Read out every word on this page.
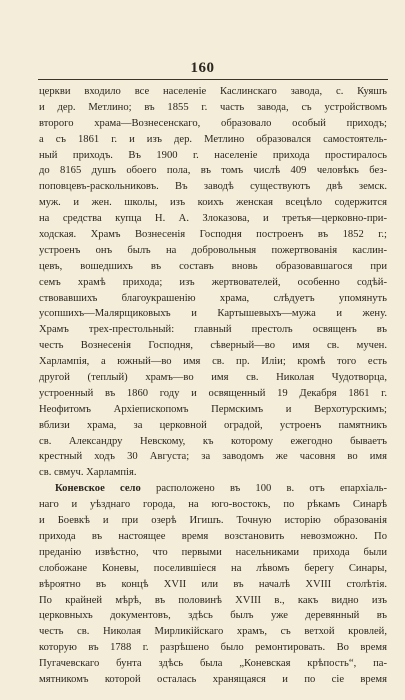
160
церкви входило все населеніе Каслинскаго завода, с. Куяшъ
и дер. Метлино; въ 1855 г. часть завода, съ устройствомъ
второго храма—Вознесенскаго, образовало особый приходъ;
а съ 1861 г. и изъ дер. Метлино образовался самостоятель-
ный приходъ. Въ 1900 г. населеніе прихода простиралось
до 8165 душъ обоего пола, въ томъ числѣ 409 человѣкъ без-
поповцевъ-раскольниковъ. Въ заводѣ существуютъ двѣ земск.
муж. и жен. школы, изъ коихъ женская всецѣло содержится
на средства купца Н. А. Злоказова, и третья—церковно-при-
ходская. Храмъ Вознесенія Господня построенъ въ 1852 г.;
устроенъ онъ былъ на добровольныя пожертвованія каслин-
цевъ, вошедшихъ въ составъ вновь образовавшагося при
семъ храмѣ прихода; изъ жертвователей, особенно содѣй-
ствовавшихъ благоукрашенію храма, слѣдуетъ упомянуть
усопшихъ—Малярщиковыхъ и Картышевыхъ—мужа и жену.
Храмъ трех-престольный: главный престолъ освященъ въ
честь Вознесенія Господня, сѣверный—во имя св. мучен.
Харлампія, а южный—во имя св. пр. Иліи; кромѣ того есть
другой (теплый) храмъ—во имя св. Николая Чудотворца,
устроенный въ 1860 году и освященный 19 Декабря 1861 г.
Неофитомъ Архіепископомъ Пермскимъ и Верхотурскимъ;
вблизи храма, за церковной оградой, устроенъ памятникъ
св. Александру Невскому, къ которому ежегодно бываетъ
крестный ходъ 30 Августа; за заводомъ же часовня во имя
св. свмуч. Харлампія.
Коневское село расположено въ 100 в. отъ епархіаль-
наго и уѣзднаго города, на юго-востокъ, по рѣкамъ Синарѣ
и Боевкѣ и при озерѣ Игишъ. Точную исторію образованія
прихода въ настоящее время возстановить невозможно. По
преданію извѣстно, что первыми насельниками прихода были
слобожане Коневы, поселившіеся на лѣвомъ берегу Синары,
вѣроятно въ концѣ XVII или въ началѣ XVIII столѣтія.
По крайней мѣрѣ, въ половинѣ XVIII в., какъ видно изъ
церковныхъ документовъ, здѣсь былъ уже деревянный въ
честь св. Николая Мирликійскаго храмъ, съ ветхой кровлей,
которую въ 1788 г. разрѣшено было ремонтировать. Во время
Пугачевскаго бунта здѣсь была „Коневская крѣпость“, па-
мятникомъ которой осталась хранящаяся и по сіе время
